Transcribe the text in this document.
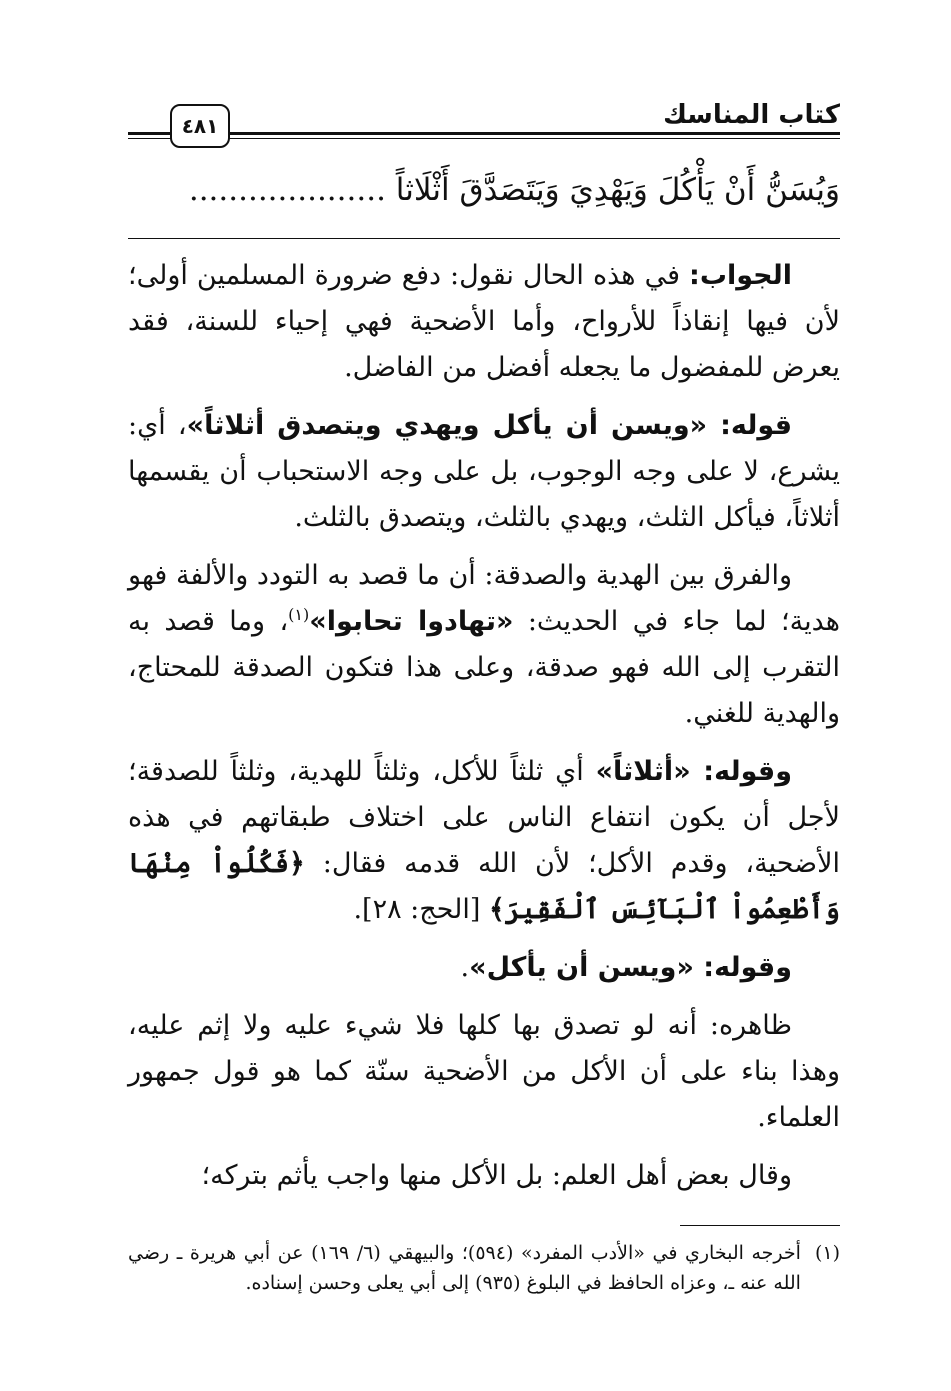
كتاب المناسك
٤٨١
وَيُسَنُّ أَنْ يَأْكُلَ وَيَهْدِيَ وَيَتَصَدَّقَ أَثْلَاثاً ....................

الجواب: في هذه الحال نقول: دفع ضرورة المسلمين أولى؛ لأن فيها إنقاذاً للأرواح، وأما الأضحية فهي إحياء للسنة، فقد يعرض للمفضول ما يجعله أفضل من الفاضل.

قوله: «ويسن أن يأكل ويهدي ويتصدق أثلاثاً»، أي: يشرع، لا على وجه الوجوب، بل على وجه الاستحباب أن يقسمها أثلاثاً، فيأكل الثلث، ويهدي بالثلث، ويتصدق بالثلث.

والفرق بين الهدية والصدقة: أن ما قصد به التودد والألفة فهو هدية؛ لما جاء في الحديث: «تهادوا تحابوا»$^{(١)}$، وما قصد به التقرب إلى الله فهو صدقة، وعلى هذا فتكون الصدقة للمحتاج، والهدية للغني.

وقوله: «أثلاثاً» أي ثلثاً للأكل، وثلثاً للهدية، وثلثاً للصدقة؛ لأجل أن يكون انتفاع الناس على اختلاف طبقاتهم في هذه الأضحية، وقدم الأكل؛ لأن الله قدمه فقال: ﴿فَكُلُواْ مِنْهَا وَأَطْعِمُواْ ٱلْبَآئِسَ ٱلْفَقِيرَ﴾ [الحج: ٢٨].

وقوله: «ويسن أن يأكل».

ظاهره: أنه لو تصدق بها كلها فلا شيء عليه ولا إثم عليه، وهذا بناء على أن الأكل من الأضحية سنّة كما هو قول جمهور العلماء.

وقال بعض أهل العلم: بل الأكل منها واجب يأثم بتركه؛

(١)
أخرجه البخاري في «الأدب المفرد» (٥٩٤)؛ والبيهقي (٦/ ١٦٩) عن أبي هريرة ـ رضي الله عنه ـ، وعزاه الحافظ في البلوغ (٩٣٥) إلى أبي يعلى وحسن إسناده.
